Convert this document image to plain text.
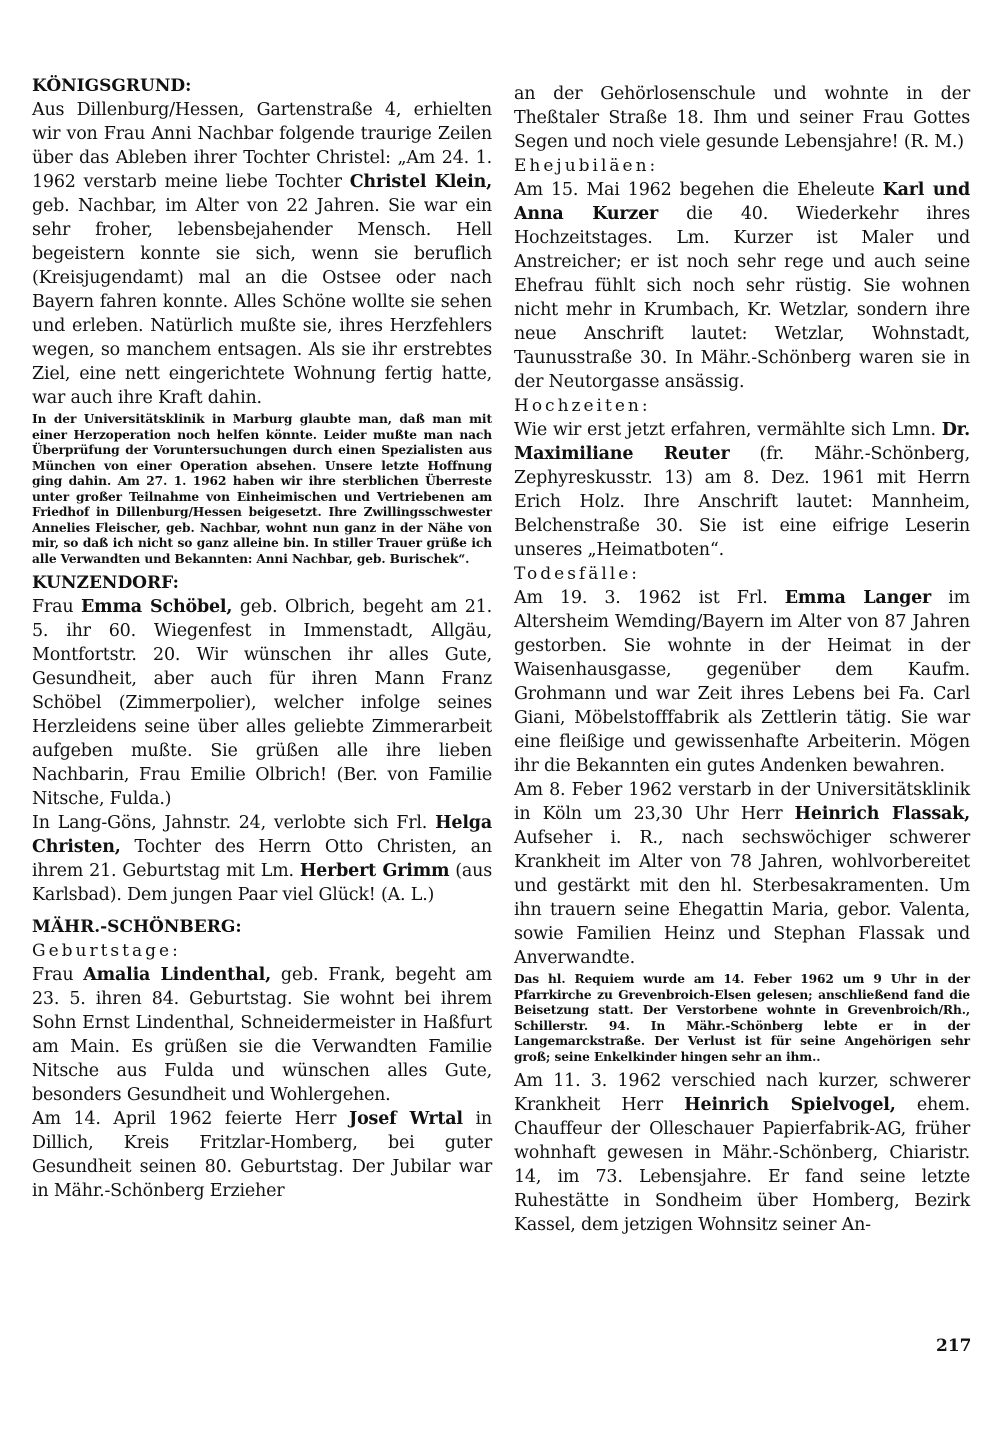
KÖNIGSGRUND:

Aus Dillenburg/Hessen, Gartenstraße 4, erhielten wir von Frau Anni Nachbar folgende traurige Zeilen über das Ableben ihrer Tochter Christel: „Am 24. 1. 1962 verstarb meine liebe Tochter Christel Klein, geb. Nachbar, im Alter von 22 Jahren. Sie war ein sehr froher, lebensbejahender Mensch. Hell begeistern konnte sie sich, wenn sie beruflich (Kreisjugendamt) mal an die Ostsee oder nach Bayern fahren konnte. Alles Schöne wollte sie sehen und erleben. Natürlich mußte sie, ihres Herzfehlers wegen, so manchem entsagen. Als sie ihr erstrebtes Ziel, eine nett eingerichtete Wohnung fertig hatte, war auch ihre Kraft dahin.

In der Universitätsklinik in Marburg glaubte man, daß man mit einer Herzoperation noch helfen könnte. Leider mußte man nach Überprüfung der Voruntersuchungen durch einen Spezialisten aus München von einer Operation absehen. Unsere letzte Hoffnung ging dahin. Am 27. 1. 1962 haben wir ihre sterblichen Überreste unter großer Teilnahme von Einheimischen und Vertriebenen am Friedhof in Dillenburg/Hessen beigesetzt. Ihre Zwillingsschwester Annelies Fleischer, geb. Nachbar, wohnt nun ganz in der Nähe von mir, so daß ich nicht so ganz alleine bin. In stiller Trauer grüße ich alle Verwandten und Bekannten: Anni Nachbar, geb. Burischek“.

KUNZENDORF:

Frau Emma Schöbel, geb. Olbrich, begeht am 21. 5. ihr 60. Wiegenfest in Immenstadt, Allgäu, Montfortstr. 20. Wir wünschen ihr alles Gute, Gesundheit, aber auch für ihren Mann Franz Schöbel (Zimmerpolier), welcher infolge seines Herzleidens seine über alles geliebte Zimmerarbeit aufgeben mußte. Sie grüßen alle ihre lieben Nachbarin, Frau Emilie Olbrich! (Ber. von Familie Nitsche, Fulda.)

In Lang-Göns, Jahnstr. 24, verlobte sich Frl. Helga Christen, Tochter des Herrn Otto Christen, an ihrem 21. Geburtstag mit Lm. Herbert Grimm (aus Karlsbad). Dem jungen Paar viel Glück! (A. L.)

MÄHR.-SCHÖNBERG:
Geburtstage:

Frau Amalia Lindenthal, geb. Frank, begeht am 23. 5. ihren 84. Geburtstag. Sie wohnt bei ihrem Sohn Ernst Lindenthal, Schneidermeister in Haßfurt am Main. Es grüßen sie die Verwandten Familie Nitsche aus Fulda und wünschen alles Gute, besonders Gesundheit und Wohlergehen.

Am 14. April 1962 feierte Herr Josef Wrtal in Dillich, Kreis Fritzlar-Homberg, bei guter Gesundheit seinen 80. Geburtstag. Der Jubilar war in Mähr.-Schönberg Erzieher

an der Gehörlosenschule und wohnte in der Theßtaler Straße 18. Ihm und seiner Frau Gottes Segen und noch viele gesunde Lebensjahre! (R. M.)

Ehejubiläen:

Am 15. Mai 1962 begehen die Eheleute Karl und Anna Kurzer die 40. Wiederkehr ihres Hochzeitstages. Lm. Kurzer ist Maler und Anstreicher; er ist noch sehr rege und auch seine Ehefrau fühlt sich noch sehr rüstig. Sie wohnen nicht mehr in Krumbach, Kr. Wetzlar, sondern ihre neue Anschrift lautet: Wetzlar, Wohnstadt, Taunusstraße 30. In Mähr.-Schönberg waren sie in der Neutorgasse ansässig.

Hochzeiten:

Wie wir erst jetzt erfahren, vermählte sich Lmn. Dr. Maximiliane Reuter (fr. Mähr.-Schönberg, Zephyreskusstr. 13) am 8. Dez. 1961 mit Herrn Erich Holz. Ihre Anschrift lautet: Mannheim, Belchenstraße 30. Sie ist eine eifrige Leserin unseres „Heimatboten“.

Todesfälle:

Am 19. 3. 1962 ist Frl. Emma Langer im Altersheim Wemding/Bayern im Alter von 87 Jahren gestorben. Sie wohnte in der Heimat in der Waisenhausgasse, gegenüber dem Kaufm. Grohmann und war Zeit ihres Lebens bei Fa. Carl Giani, Möbelstofffabrik als Zettlerin tätig. Sie war eine fleißige und gewissenhafte Arbeiterin. Mögen ihr die Bekannten ein gutes Andenken bewahren.

Am 8. Feber 1962 verstarb in der Universitätsklinik in Köln um 23,30 Uhr Herr Heinrich Flassak, Aufseher i. R., nach sechswöchiger schwerer Krankheit im Alter von 78 Jahren, wohlvorbereitet und gestärkt mit den hl. Sterbesakramenten. Um ihn trauern seine Ehegattin Maria, gebor. Valenta, sowie Familien Heinz und Stephan Flassak und Anverwandte.

Das hl. Requiem wurde am 14. Feber 1962 um 9 Uhr in der Pfarrkirche zu Grevenbroich-Elsen gelesen; anschließend fand die Beisetzung statt. Der Verstorbene wohnte in Grevenbroich/Rh., Schillerstr. 94. In Mähr.-Schönberg lebte er in der Langemarckstraße. Der Verlust ist für seine Angehörigen sehr groß; seine Enkelkinder hingen sehr an ihm..

Am 11. 3. 1962 verschied nach kurzer, schwerer Krankheit Herr Heinrich Spielvogel, ehem. Chauffeur der Olleschauer Papierfabrik-AG, früher wohnhaft gewesen in Mähr.-Schönberg, Chiaristr. 14, im 73. Lebensjahre. Er fand seine letzte Ruhestätte in Sondheim über Homberg, Bezirk Kassel, dem jetzigen Wohnsitz seiner An-

217
